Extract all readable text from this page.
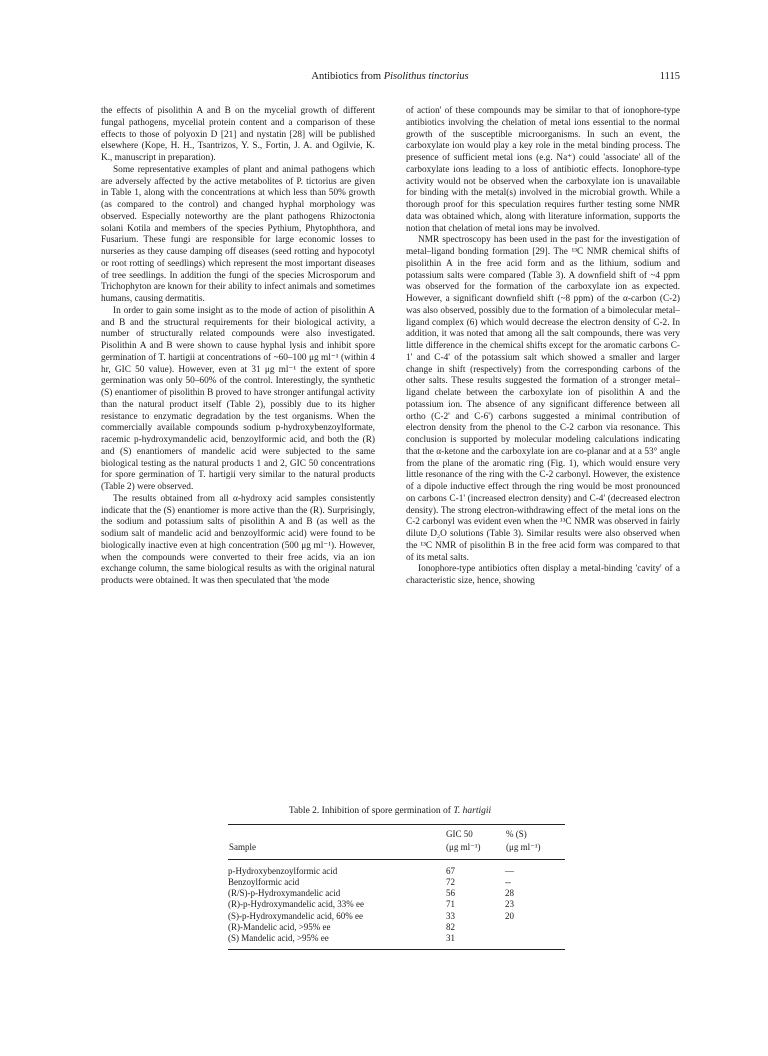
Antibiotics from Pisolithus tinctorius	1115

the effects of pisolithin A and B on the mycelial growth of different fungal pathogens, mycelial protein content and a comparison of these effects to those of polyoxin D [21] and nystatin [28] will be published elsewhere (Kope, H. H., Tsantrizos, Y. S., Fortin, J. A. and Ogilvie, K. K., manuscript in preparation).

Some representative examples of plant and animal pathogens which are adversely affected by the active metabolites of P. tictorius are given in Table 1, along with the concentrations at which less than 50% growth (as compared to the control) and changed hyphal morphology was observed. Especially noteworthy are the plant pathogens Rhizoctonia solani Kotila and members of the species Pythium, Phytophthora, and Fusarium. These fungi are responsible for large economic losses to nurseries as they cause damping off diseases (seed rotting and hypocotyl or root rotting of seedlings) which represent the most important diseases of tree seedlings. In addition the fungi of the species Microsporum and Trichophyton are known for their ability to infect animals and sometimes humans, causing dermatitis.

In order to gain some insight as to the mode of action of pisolithin A and B and the structural requirements for their biological activity, a number of structurally related compounds were also investigated. Pisolithin A and B were shown to cause hyphal lysis and inhibit spore germination of T. hartigii at concentrations of ~60–100 μg ml⁻¹ (within 4 hr, GIC 50 value). However, even at 31 μg ml⁻¹ the extent of spore germination was only 50–60% of the control. Interestingly, the synthetic (S) enantiomer of pisolithin B proved to have stronger antifungal activity than the natural product itself (Table 2), possibly due to its higher resistance to enzymatic degradation by the test organisms. When the commercially available compounds sodium p-hydroxybenzoylformate, racemic p-hydroxymandelic acid, benzoylformic acid, and both the (R) and (S) enantiomers of mandelic acid were subjected to the same biological testing as the natural products 1 and 2, GIC 50 concentrations for spore germination of T. hartigii very similar to the natural products (Table 2) were observed.

The results obtained from all α-hydroxy acid samples consistently indicate that the (S) enantiomer is more active than the (R). Surprisingly, the sodium and potassium salts of pisolithin A and B (as well as the sodium salt of mandelic acid and benzoylformic acid) were found to be biologically inactive even at high concentration (500 μg ml⁻¹). However, when the compounds were converted to their free acids, via an ion exchange column, the same biological results as with the original natural products were obtained. It was then speculated that 'the mode

of action' of these compounds may be similar to that of ionophore-type antibiotics involving the chelation of metal ions essential to the normal growth of the susceptible microorganisms. In such an event, the carboxylate ion would play a key role in the metal binding process. The presence of sufficient metal ions (e.g. Na⁺) could 'associate' all of the carboxylate ions leading to a loss of antibiotic effects. Ionophore-type activity would not be observed when the carboxylate ion is unavailable for binding with the metal(s) involved in the microbial growth. While a thorough proof for this speculation requires further testing some NMR data was obtained which, along with literature information, supports the notion that chelation of metal ions may be involved.

NMR spectroscopy has been used in the past for the investigation of metal–ligand bonding formation [29]. The ¹³C NMR chemical shifts of pisolithin A in the free acid form and as the lithium, sodium and potassium salts were compared (Table 3). A downfield shift of ~4 ppm was observed for the formation of the carboxylate ion as expected. However, a significant downfield shift (~8 ppm) of the α-carbon (C-2) was also observed, possibly due to the formation of a bimolecular metal–ligand complex (6) which would decrease the electron density of C-2. In addition, it was noted that among all the salt compounds, there was very little difference in the chemical shifts except for the aromatic carbons C-1' and C-4' of the potassium salt which showed a smaller and larger change in shift (respectively) from the corresponding carbons of the other salts. These results suggested the formation of a stronger metal–ligand chelate between the carboxylate ion of pisolithin A and the potassium ion. The absence of any significant difference between all ortho (C-2' and C-6') carbons suggested a minimal contribution of electron density from the phenol to the C-2 carbon via resonance. This conclusion is supported by molecular modeling calculations indicating that the α-ketone and the carboxylate ion are co-planar and at a 53° angle from the plane of the aromatic ring (Fig. 1), which would ensure very little resonance of the ring with the C-2 carbonyl. However, the existence of a dipole inductive effect through the ring would be most pronounced on carbons C-1' (increased electron density) and C-4' (decreased electron density). The strong electron-withdrawing effect of the metal ions on the C-2 carbonyl was evident even when the ¹³C NMR was observed in fairly dilute D₂O solutions (Table 3). Similar results were also observed when the ¹³C NMR of pisolithin B in the free acid form was compared to that of its metal salts.

Ionophore-type antibiotics often display a metal-binding 'cavity' of a characteristic size, hence, showing

Table 2. Inhibition of spore germination of T. hartigii
	GIC 50	% (S)
Sample	(μg ml⁻¹)	(μg ml⁻¹)
p-Hydroxybenzoylformic acid	67	—
Benzoylformic acid	72	--
(R/S)-p-Hydroxymandelic acid	56	28
(R)-p-Hydroxymandelic acid, 33% ee	71	23
(S)-p-Hydroxymandelic acid, 60% ee	33	20
(R)-Mandelic acid, >95% ee	82	
(S) Mandelic acid, >95% ee	31	
